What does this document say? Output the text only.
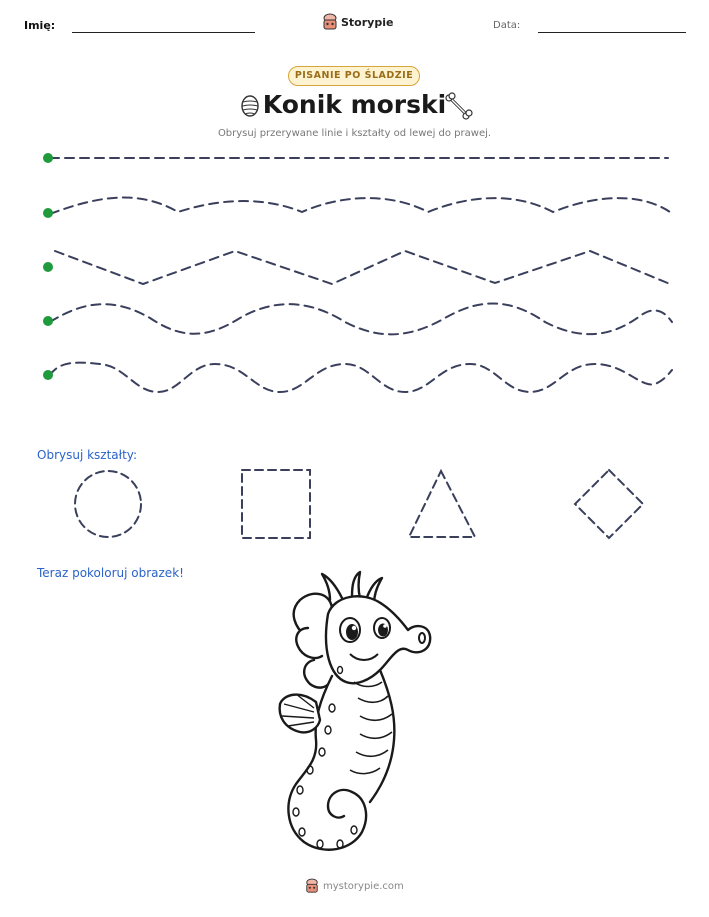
Imię:	Storypie	Data:
PISANIE PO ŚLADZIE
Konik morski
Obrysuj przerywane linie i kształty od lewej do prawej.
Obrysuj kształty:
Teraz pokoloruj obrazek!
mystorypie.com
